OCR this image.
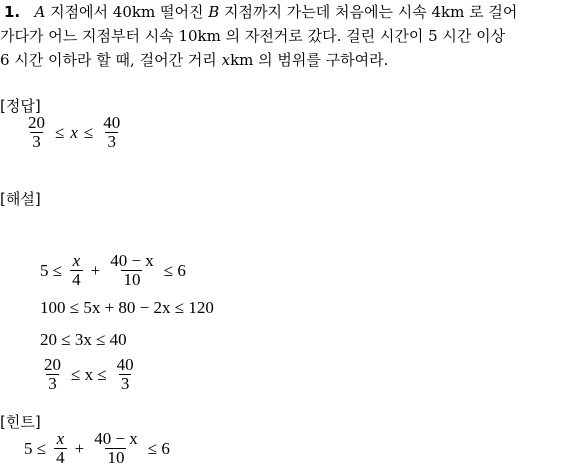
1. A 지점에서 40km 떨어진 B 지점까지 가는데 처음에는 시속 4km 로 걸어
가다가 어느 지점부터 시속 10km 의 자전거로 갔다. 걸린 시간이 5 시간 이상
6 시간 이하라 할 때, 걸어간 거리 xkm 의 범위를 구하여라.
[정답]
$\frac{20}{3} \le x \le \frac{40}{3}$
[해설]
$5 \le \frac{x}{4} + \frac{40 - x}{10} \le 6$
100 ≤ 5x + 80 − 2x ≤ 120
20 ≤ 3x ≤ 40
$\frac{20}{3} \le x \le \frac{40}{3}$
[힌트]
$5 \le \frac{x}{4} + \frac{40 - x}{10} \le 6$
